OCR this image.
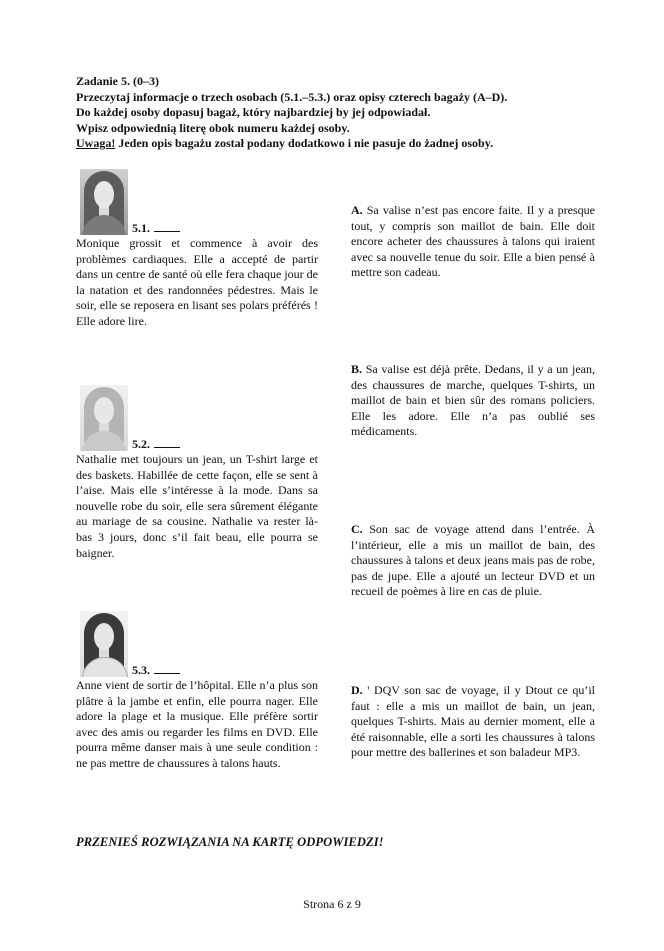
Zadanie 5. (0–3)

Przeczytaj informacje o trzech osobach (5.1.–5.3.) oraz opisy czterech bagaży (A–D).

Do każdej osoby dopasuj bagaż, który najbardziej by jej odpowiadał.

Wpisz odpowiednią literę obok numeru każdej osoby.

Uwaga! Jeden opis bagażu został podany dodatkowo i nie pasuje do żadnej osoby.

5.1.

Monique grossit et commence à avoir des problèmes cardiaques. Elle a accepté de partir dans un centre de santé où elle fera chaque jour de la natation et des randonnées pédestres. Mais le soir, elle se reposera en lisant ses polars préférés ! Elle adore lire.

5.2.

Nathalie met toujours un jean, un T-shirt large et des baskets. Habillée de cette façon, elle se sent à l’aise. Mais elle s’intéresse à la mode. Dans sa nouvelle robe du soir, elle sera sûrement élégante au mariage de sa cousine. Nathalie va rester là-bas 3 jours, donc s’il fait beau, elle pourra se baigner.

5.3.

Anne vient de sortir de l’hôpital. Elle n’a plus son plâtre à la jambe et enfin, elle pourra nager. Elle adore la plage et la musique. Elle préfère sortir avec des amis ou regarder les films en DVD. Elle pourra même danser mais à une seule condition : ne pas mettre de chaussures à talons hauts.

A. Sa valise n’est pas encore faite. Il y a presque tout, y compris son maillot de bain. Elle doit encore acheter des chaussures à talons qui iraient avec sa nouvelle tenue du soir. Elle a bien pensé à mettre son cadeau.

B. Sa valise est déjà prête. Dedans, il y a un jean, des chaussures de marche, quelques T-shirts, un maillot de bain et bien sûr des romans policiers. Elle les adore. Elle n’a pas oublié ses médicaments.

C. Son sac de voyage attend dans l’entrée. À l’intérieur, elle a mis un maillot de bain, des chaussures à talons et deux jeans mais pas de robe, pas de jupe. Elle a ajouté un lecteur DVD et un recueil de poèmes à lire en cas de pluie.

D. ' DQV son sac de voyage, il y Dtout ce qu’il faut : elle a mis un maillot de bain, un jean, quelques T-shirts. Mais au dernier moment, elle a été raisonnable, elle a sorti les chaussures à talons pour mettre des ballerines et son baladeur MP3.

PRZENIEŚ ROZWIĄZANIA NA KARTĘ ODPOWIEDZI!
Strona 6 z 9
